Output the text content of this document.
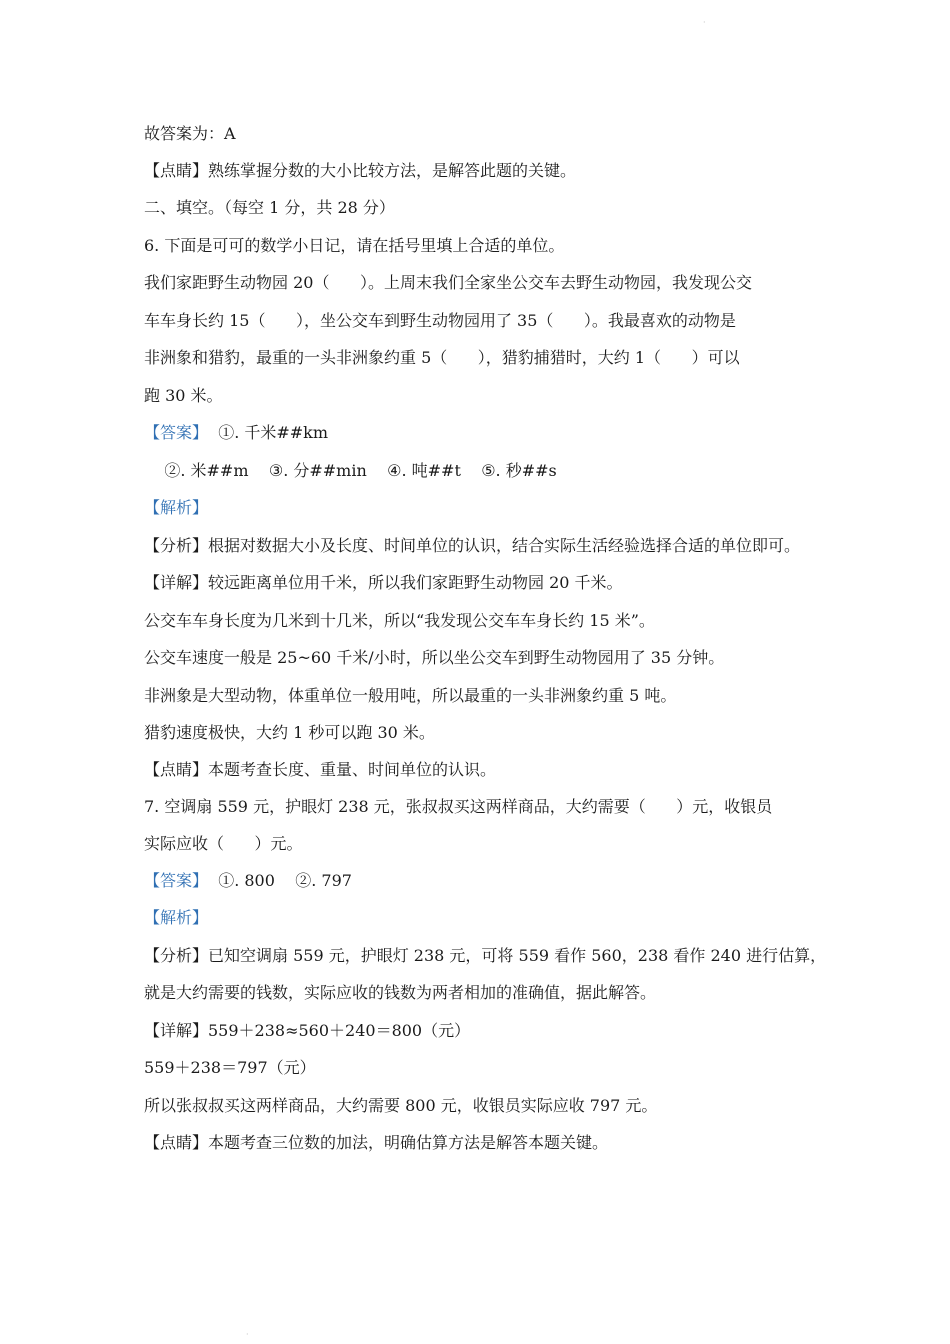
·
故答案为：A
【点睛】熟练掌握分数的大小比较方法，是解答此题的关键。
二、填空。（每空 1 分，共 28 分）
6. 下面是可可的数学小日记，请在括号里填上合适的单位。
我们家距野生动物园 20（      ）。上周末我们全家坐公交车去野生动物园，我发现公交
车车身长约 15（      ），坐公交车到野生动物园用了 35（      ）。我最喜欢的动物是
非洲象和猎豹，最重的一头非洲象约重 5（      ），猎豹捕猎时，大约 1（      ）可以
跑 30 米。
【答案】  ①. 千米##km
②. 米##m    ③. 分##min    ④. 吨##t    ⑤. 秒##s
【解析】
【分析】根据对数据大小及长度、时间单位的认识，结合实际生活经验选择合适的单位即可。
【详解】较远距离单位用千米，所以我们家距野生动物园 20 千米。
公交车车身长度为几米到十几米，所以“我发现公交车车身长约 15 米”。
公交车速度一般是 25~60 千米/小时，所以坐公交车到野生动物园用了 35 分钟。
非洲象是大型动物，体重单位一般用吨，所以最重的一头非洲象约重 5 吨。
猎豹速度极快，大约 1 秒可以跑 30 米。
【点睛】本题考查长度、重量、时间单位的认识。
7. 空调扇 559 元，护眼灯 238 元，张叔叔买这两样商品，大约需要（      ）元，收银员
实际应收（      ）元。
【答案】  ①. 800    ②. 797
【解析】
【分析】已知空调扇 559 元，护眼灯 238 元，可将 559 看作 560，238 看作 240 进行估算，
就是大约需要的钱数，实际应收的钱数为两者相加的准确值，据此解答。
【详解】559＋238≈560＋240＝800（元）
559＋238＝797（元）
所以张叔叔买这两样商品，大约需要 800 元，收银员实际应收 797 元。
【点睛】本题考查三位数的加法，明确估算方法是解答本题关键。
·
